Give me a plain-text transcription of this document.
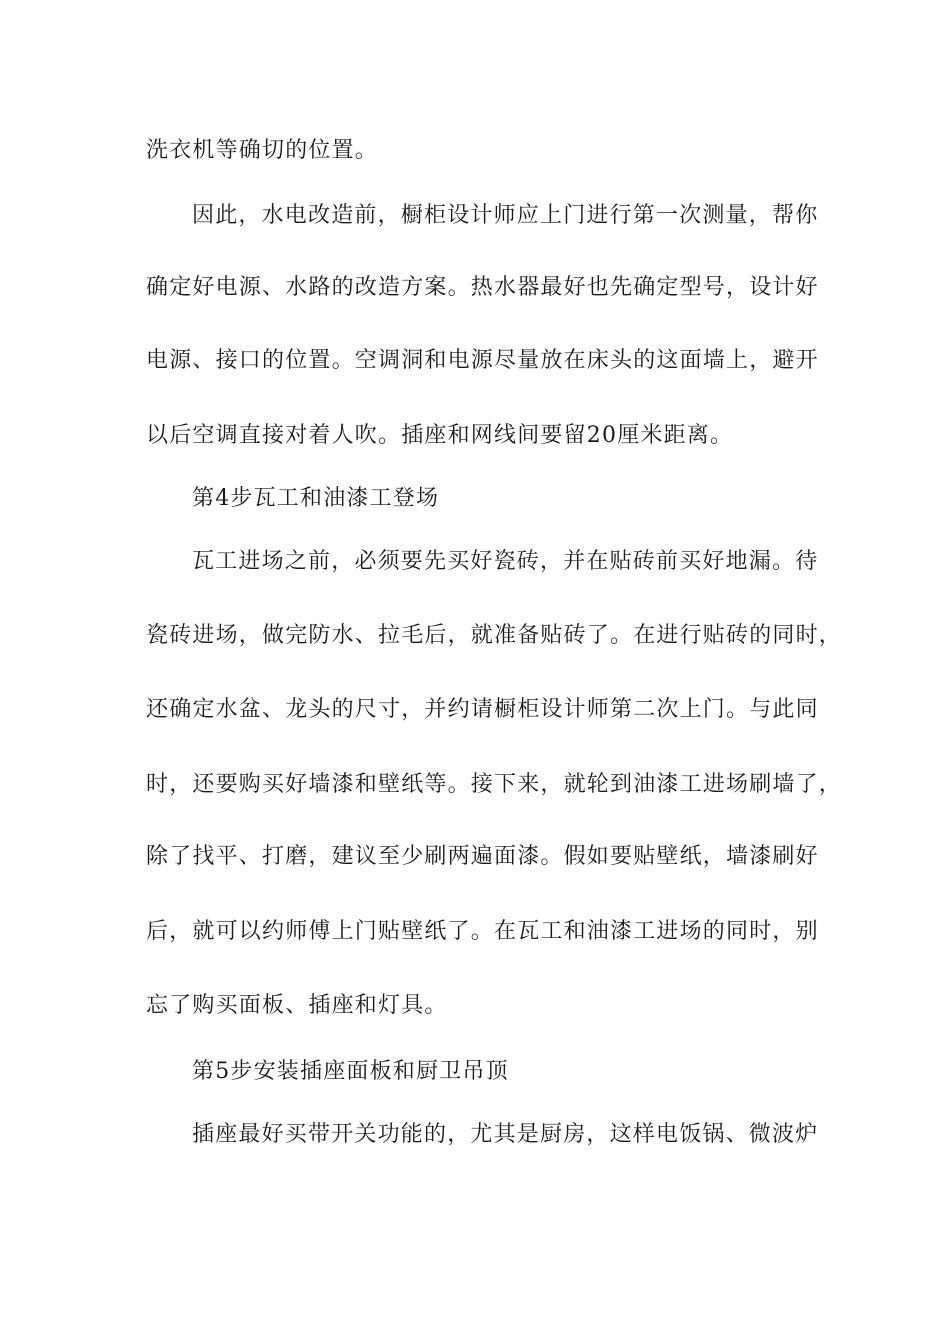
洗衣机等确切的位置。
因此，水电改造前，橱柜设计师应上门进行第一次测量，帮你
确定好电源、水路的改造方案。热水器最好也先确定型号，设计好
电源、接口的位置。空调洞和电源尽量放在床头的这面墙上，避开
以后空调直接对着人吹。插座和网线间要留20厘米距离。
第4步瓦工和油漆工登场
瓦工进场之前，必须要先买好瓷砖，并在贴砖前买好地漏。待
瓷砖进场，做完防水、拉毛后，就准备贴砖了。在进行贴砖的同时，
还确定水盆、龙头的尺寸，并约请橱柜设计师第二次上门。与此同
时，还要购买好墙漆和壁纸等。接下来，就轮到油漆工进场刷墙了，
除了找平、打磨，建议至少刷两遍面漆。假如要贴壁纸，墙漆刷好
后，就可以约师傅上门贴壁纸了。在瓦工和油漆工进场的同时，别
忘了购买面板、插座和灯具。
第5步安装插座面板和厨卫吊顶
插座最好买带开关功能的，尤其是厨房，这样电饭锅、微波炉
